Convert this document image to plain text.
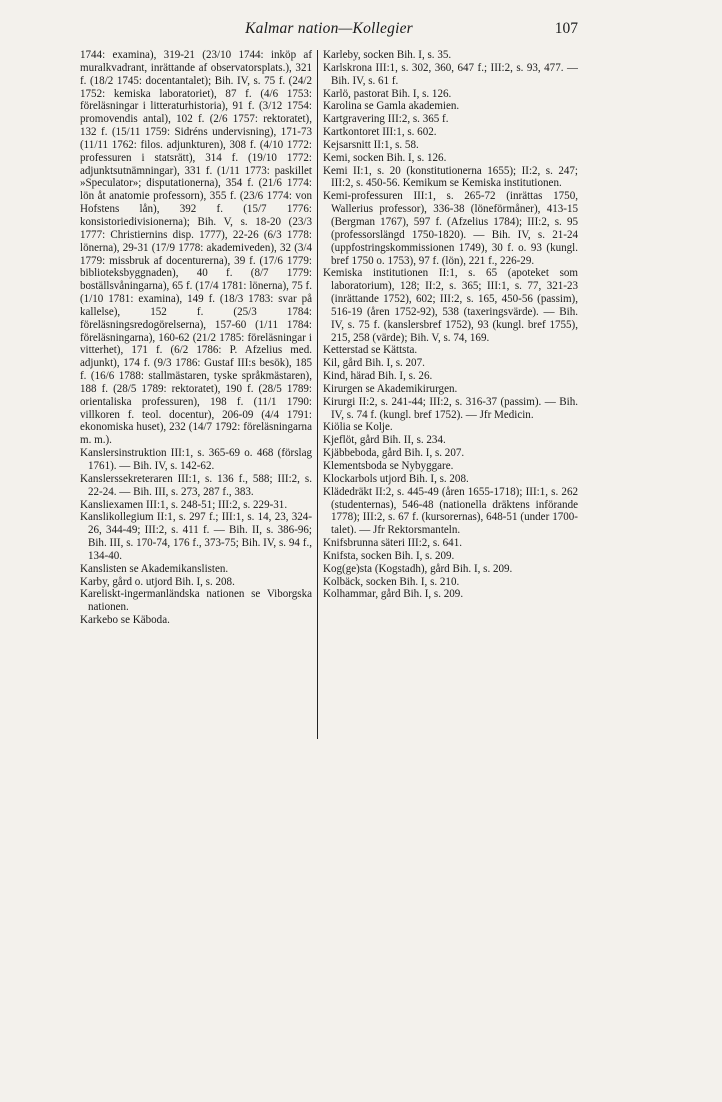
Kalmar nation—Kollegier	107

1744: examina), 319-21 (23/10 1744: inköp af muralkvadrant, inrättande af observatorsplats.), 321 f. (18/2 1745: docentantalet); Bih. IV, s. 75 f. (24/2 1752: kemiska laboratoriet), 87 f. (4/6 1753: föreläsningar i litteraturhistoria), 91 f. (3/12 1754: promovendis antal), 102 f. (2/6 1757: rektoratet), 132 f. (15/11 1759: Sidréns undervisning), 171-73 (11/11 1762: filos. adjunkturen), 308 f. (4/10 1772: professuren i statsrätt), 314 f. (19/10 1772: adjunktsutnämningar), 331 f. (1/11 1773: paskillet »Speculator»; disputationerna), 354 f. (21/6 1774: lön åt anatomie professorn), 355 f. (23/6 1774: von Hofstens lån), 392 f. (15/7 1776: konsistoriedivisionerna); Bih. V, s. 18-20 (23/3 1777: Christiernins disp. 1777), 22-26 (6/3 1778: lönerna), 29-31 (17/9 1778: akademiveden), 32 (3/4 1779: missbruk af docenturerna), 39 f. (17/6 1779: biblioteksbyggnaden), 40 f. (8/7 1779: boställsvåningarna), 65 f. (17/4 1781: lönerna), 75 f. (1/10 1781: examina), 149 f. (18/3 1783: svar på kallelse), 152 f. (25/3 1784: föreläsningsredogörelserna), 157-60 (1/11 1784: föreläsningarna), 160-62 (21/2 1785: föreläsningar i vitterhet), 171 f. (6/2 1786: P. Afzelius med. adjunkt), 174 f. (9/3 1786: Gustaf III:s besök), 185 f. (16/6 1788: stallmästaren, tyske språkmästaren), 188 f. (28/5 1789: rektoratet), 190 f. (28/5 1789: orientaliska professuren), 198 f. (11/1 1790: villkoren f. teol. docentur), 206-09 (4/4 1791: ekonomiska huset), 232 (14/7 1792: föreläsningarna m. m.).

Kanslersinstruktion III:1, s. 365-69 o. 468 (förslag 1761). — Bih. IV, s. 142-62.

Kanslerssekreteraren III:1, s. 136 f., 588; III:2, s. 22-24. — Bih. III, s. 273, 287 f., 383.

Kansliexamen III:1, s. 248-51; III:2, s. 229-31.

Kanslikollegium II:1, s. 297 f.; III:1, s. 14, 23, 324-26, 344-49; III:2, s. 411 f. — Bih. II, s. 386-96; Bih. III, s. 170-74, 176 f., 373-75; Bih. IV, s. 94 f., 134-40.

Kanslisten se Akademikanslisten.

Karby, gård o. utjord Bih. I, s. 208.

Kareliskt-ingermanländska nationen se Viborgska nationen.

Karkebo se Käboda.

Karleby, socken Bih. I, s. 35.

Karlskrona III:1, s. 302, 360, 647 f.; III:2, s. 93, 477. — Bih. IV, s. 61 f.

Karlö, pastorat Bih. I, s. 126.

Karolina se Gamla akademien.

Kartgravering III:2, s. 365 f.

Kartkontoret III:1, s. 602.

Kejsarsnitt II:1, s. 58.

Kemi, socken Bih. I, s. 126.

Kemi II:1, s. 20 (konstitutionerna 1655); II:2, s. 247; III:2, s. 450-56. Kemikum se Kemiska institutionen.

Kemi-professuren III:1, s. 265-72 (inrättas 1750, Wallerius professor), 336-38 (löneförmåner), 413-15 (Bergman 1767), 597 f. (Afzelius 1784); III:2, s. 95 (professorslängd 1750-1820). — Bih. IV, s. 21-24 (uppfostringskommissionen 1749), 30 f. o. 93 (kungl. bref 1750 o. 1753), 97 f. (lön), 221 f., 226-29.

Kemiska institutionen II:1, s. 65 (apoteket som laboratorium), 128; II:2, s. 365; III:1, s. 77, 321-23 (inrättande 1752), 602; III:2, s. 165, 450-56 (passim), 516-19 (åren 1752-92), 538 (taxeringsvärde). — Bih. IV, s. 75 f. (kanslersbref 1752), 93 (kungl. bref 1755), 215, 258 (värde); Bih. V, s. 74, 169.

Ketterstad se Kättsta.

Kil, gård Bih. I, s. 207.

Kind, härad Bih. I, s. 26.

Kirurgen se Akademikirurgen.

Kirurgi II:2, s. 241-44; III:2, s. 316-37 (passim). — Bih. IV, s. 74 f. (kungl. bref 1752). — Jfr Medicin.

Kiölia se Kolje.

Kjeflöt, gård Bih. II, s. 234.

Kjäbbeboda, gård Bih. I, s. 207.

Klementsboda se Nybyggare.

Klockarbols utjord Bih. I, s. 208.

Klädedräkt II:2, s. 445-49 (åren 1655-1718); III:1, s. 262 (studenternas), 546-48 (nationella dräktens införande 1778); III:2, s. 67 f. (kursorernas), 648-51 (under 1700-talet). — Jfr Rektorsmanteln.

Knifsbrunna säteri III:2, s. 641.

Knifsta, socken Bih. I, s. 209.

Kog(ge)sta (Kogstadh), gård Bih. I, s. 209.

Kolbäck, socken Bih. I, s. 210.

Kolhammar, gård Bih. I, s. 209.
